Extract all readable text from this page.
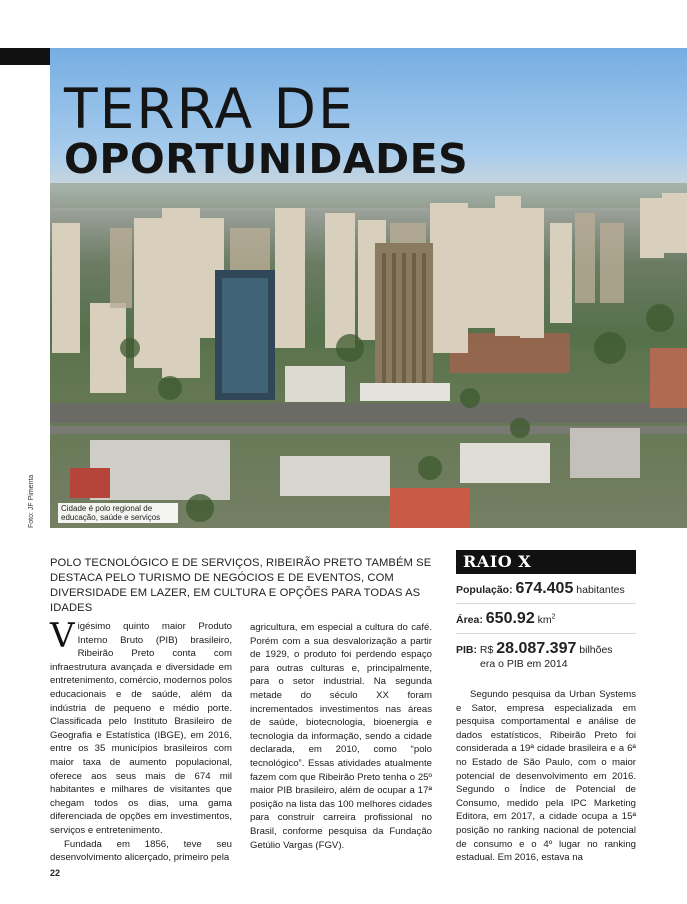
TERRA DE
OPORTUNIDADES
Foto: JF Pimenta	Cidade é polo regional de educação, saúde e serviços

POLO TECNOLÓGICO E DE SERVIÇOS, RIBEIRÃO PRETO TAMBÉM SE DESTACA PELO TURISMO DE NEGÓCIOS E DE EVENTOS, COM DIVERSIDADE EM LAZER, EM CULTURA E OPÇÕES PARA TODAS AS IDADES

Vigésimo quinto maior Produto Interno Bruto (PIB) brasileiro, Ribeirão Preto conta com infraestrutura avançada e diversidade em entretenimento, comércio, modernos polos educacionais e de saúde, além da indústria de pequeno e médio porte. Classificada pelo Instituto Brasileiro de Geografia e Estatística (IBGE), em 2016, entre os 35 municípios brasileiros com maior taxa de aumento populacional, oferece aos seus mais de 674 mil habitantes e milhares de visitantes que chegam todos os dias, uma gama diferenciada de opções em investimentos, serviços e entretenimento.

Fundada em 1856, teve seu desenvolvimento alicerçado, primeiro pela

agricultura, em especial a cultura do café. Porém com a sua desvalorização a partir de 1929, o produto foi perdendo espaço para outras culturas e, principalmente, para o setor industrial. Na segunda metade do século XX foram incrementados investimentos nas áreas de saúde, biotecnologia, bioenergia e tecnologia da informação, sendo a cidade declarada, em 2010, como “polo tecnológico”. Essas atividades atualmente fazem com que Ribeirão Preto tenha o 25º maior PIB brasileiro, além de ocupar a 17ª posição na lista das 100 melhores cidades para construir carreira profissional no Brasil, conforme pesquisa da Fundação Getúlio Vargas (FGV).

RAIO X
População: 674.405 habitantes
Área: 650.92 $km^2$
PIB: R$ 28.087.397 bilhões
era o PIB em 2014

Segundo pesquisa da Urban Systems e Sator, empresa especializada em pesquisa comportamental e análise de dados estatísticos, Ribeirão Preto foi considerada a 19ª cidade brasileira e a 6ª no Estado de São Paulo, com o maior potencial de desenvolvimento em 2016. Segundo o Índice de Potencial de Consumo, medido pela IPC Marketing Editora, em 2017, a cidade ocupa a 15ª posição no ranking nacional de potencial de consumo e o 4º lugar no ranking estadual. Em 2016, estava na

22
